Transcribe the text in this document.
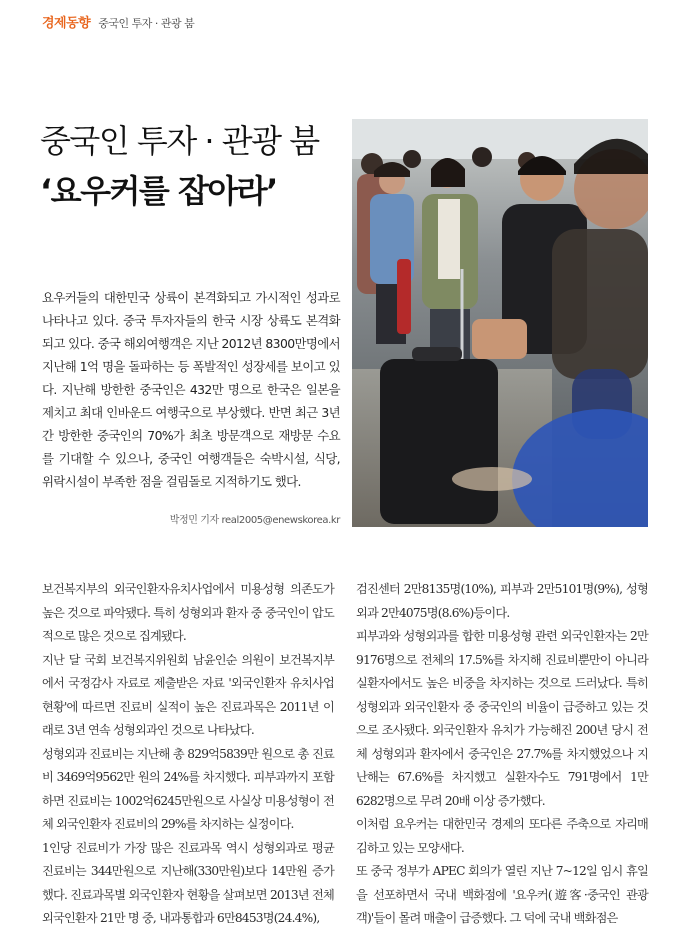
경제동향 중국인 투자 · 관광 붐
중국인 투자 · 관광 붐
‘요우커를 잡아라’

요우커들의 대한민국 상륙이 본격화되고 가시적인 성과로 나타나고 있다. 중국 투자자들의 한국 시장 상륙도 본격화 되고 있다. 중국 해외여행객은 지난 2012년 8300만명에서 지난해 1억 명을 돌파하는 등 폭발적인 성장세를 보이고 있다. 지난해 방한한 중국인은 432만 명으로 한국은 일본을 제치고 최대 인바운드 여행국으로 부상했다. 반면 최근 3년 간 방한한 중국인의 70%가 최초 방문객으로 재방문 수요를 기대할 수 있으나, 중국인 여행객들은 숙박시설, 식당, 위락시설이 부족한 점을 걸림돌로 지적하기도 했다.

박정민 기자 real2005@enewskorea.kr

보건복지부의 외국인환자유치사업에서 미용성형 의존도가 높은 것으로 파악됐다. 특히 성형외과 환자 중 중국인이 압도적으로 많은 것으로 집계됐다.

지난 달 국회 보건복지위원회 남윤인순 의원이 보건복지부에서 국정감사 자료로 제출받은 자료 '외국인환자 유치사업 현황'에 따르면 진료비 실적이 높은 진료과목은 2011년 이래로 3년 연속 성형외과인 것으로 나타났다.

성형외과 진료비는 지난해 총 829억5839만 원으로 총 진료비 3469억9562만 원의 24%를 차지했다. 피부과까지 포함하면 진료비는 1002억6245만원으로 사실상 미용성형이 전체 외국인환자 진료비의 29%를 차지하는 실정이다.

1인당 진료비가 가장 많은 진료과목 역시 성형외과로 평균 진료비는 344만원으로 지난해(330만원)보다 14만원 증가했다. 진료과목별 외국인환자 현황을 살펴보면 2013년 전체 외국인환자 21만 명 중, 내과통합과 6만8453명(24.4%),

검진센터 2만8135명(10%), 피부과 2만5101명(9%), 성형외과 2만4075명(8.6%)등이다.

피부과와 성형외과를 합한 미용성형 관련 외국인환자는 2만9176명으로 전체의 17.5%를 차지해 진료비뿐만이 아니라 실환자에서도 높은 비중을 차지하는 것으로 드러났다. 특히 성형외과 외국인환자 중 중국인의 비율이 급증하고 있는 것으로 조사됐다. 외국인환자 유치가 가능해진 200년 당시 전체 성형외과 환자에서 중국인은 27.7%를 차지했었으나 지난해는 67.6%를 차지했고 실환자수도 791명에서 1만6282명으로 무려 20배 이상 증가했다.

이처럼 요우커는 대한민국 경제의 또다른 주축으로 자리매김하고 있는 모양새다.

또 중국 정부가 APEC 회의가 열린 지난 7~12일 임시 휴일을 선포하면서 국내 백화점에 '요우커(遊客·중국인 관광객)'들이 몰려 매출이 급증했다. 그 덕에 국내 백화점은
